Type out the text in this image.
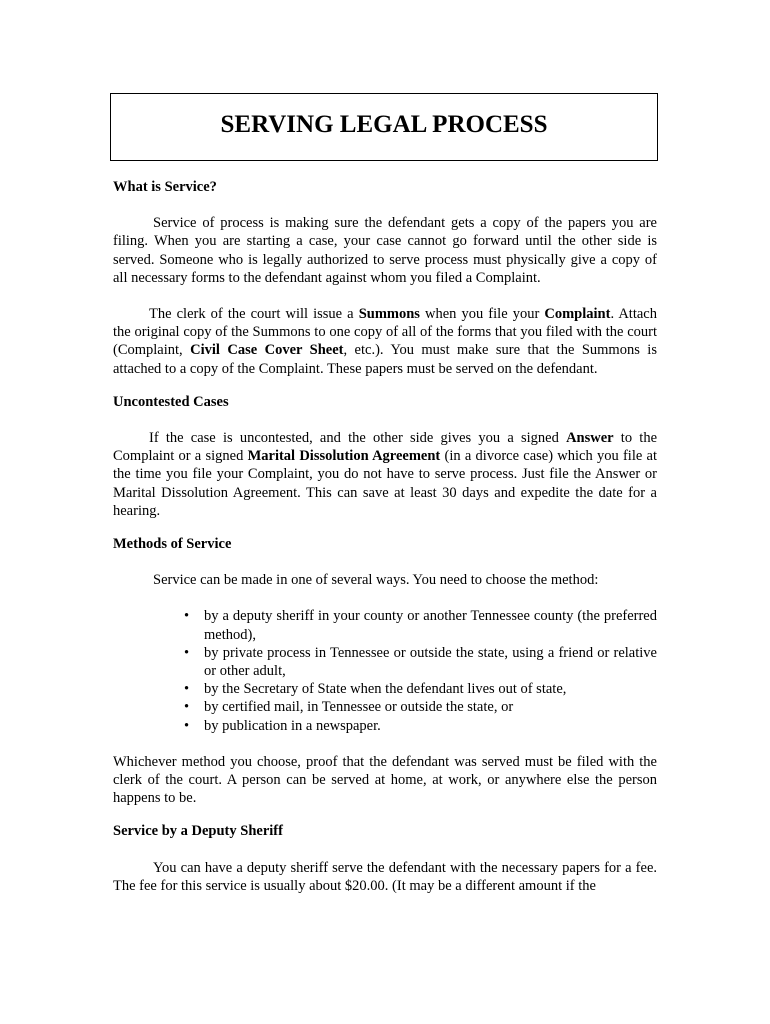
SERVING LEGAL PROCESS

What is Service?

Service of process is making sure the defendant gets a copy of the papers you are filing. When you are starting a case, your case cannot go forward until the other side is served. Someone who is legally authorized to serve process must physically give a copy of all necessary forms to the defendant against whom you filed a Complaint.

The clerk of the court will issue a Summons when you file your Complaint. Attach the original copy of the Summons to one copy of all of the forms that you filed with the court (Complaint, Civil Case Cover Sheet, etc.). You must make sure that the Summons is attached to a copy of the Complaint. These papers must be served on the defendant.

Uncontested Cases

If the case is uncontested, and the other side gives you a signed Answer to the Complaint or a signed Marital Dissolution Agreement (in a divorce case) which you file at the time you file your Complaint, you do not have to serve process. Just file the Answer or Marital Dissolution Agreement. This can save at least 30 days and expedite the date for a hearing.

Methods of Service

Service can be made in one of several ways. You need to choose the method:

• by a deputy sheriff in your county or another Tennessee county (the preferred method),
• by private process in Tennessee or outside the state, using a friend or relative or other adult,
• by the Secretary of State when the defendant lives out of state,
• by certified mail, in Tennessee or outside the state, or
• by publication in a newspaper.

Whichever method you choose, proof that the defendant was served must be filed with the clerk of the court. A person can be served at home, at work, or anywhere else the person happens to be.

Service by a Deputy Sheriff

You can have a deputy sheriff serve the defendant with the necessary papers for a fee. The fee for this service is usually about $20.00. (It may be a different amount if the
